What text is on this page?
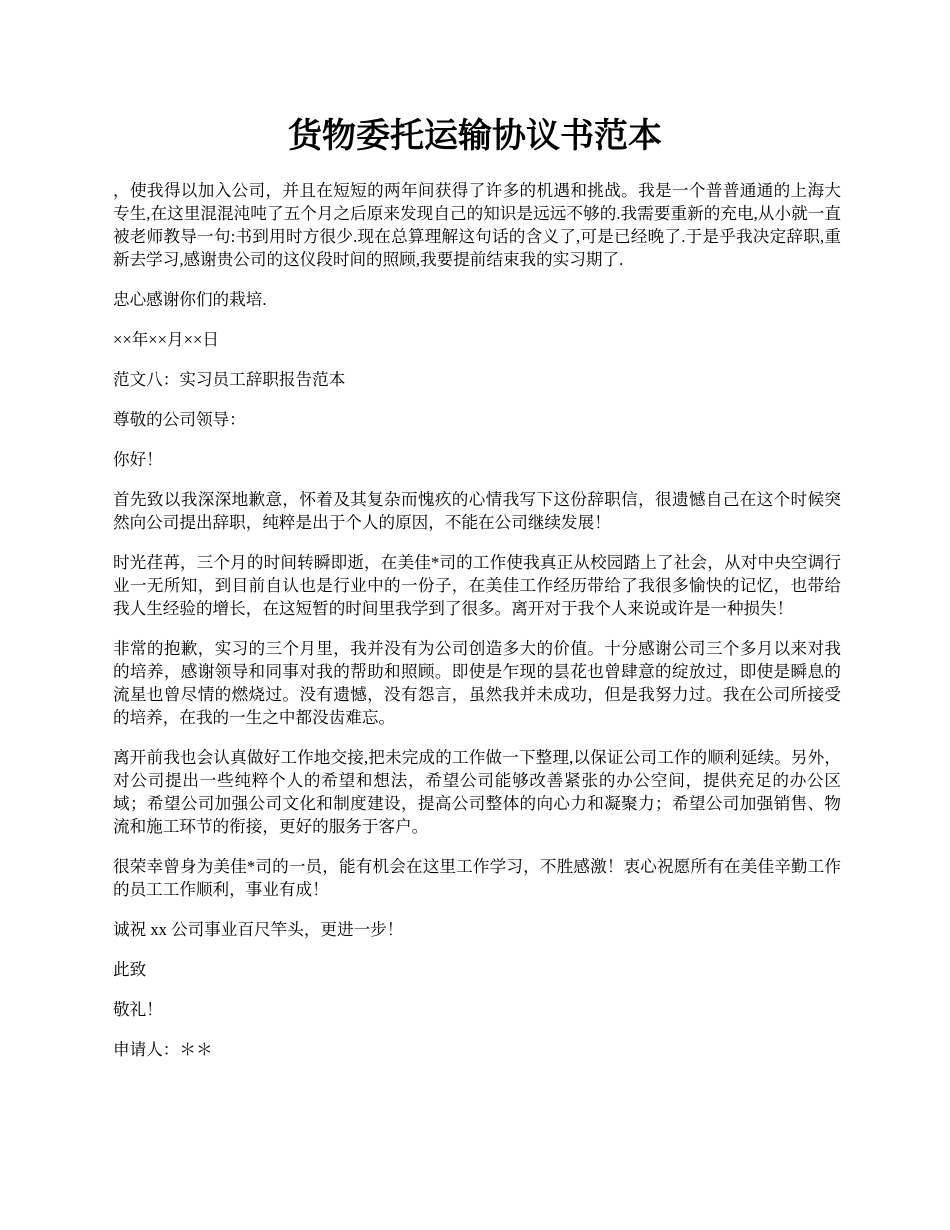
货物委托运输协议书范本

，使我得以加入公司，并且在短短的两年间获得了许多的机遇和挑战。我是一个普普通通的上海大专生,在这里混混沌吨了五个月之后原来发现自己的知识是远远不够的.我需要重新的充电,从小就一直被老师教导一句:书到用时方很少.现在总算理解这句话的含义了,可是已经晚了.于是乎我决定辞职,重新去学习,感谢贵公司的这仪段时间的照顾,我要提前结束我的实习期了.

忠心感谢你们的栽培.

××年××月××日

范文八：实习员工辞职报告范本

尊敬的公司领导：

你好！

首先致以我深深地歉意，怀着及其复杂而愧疚的心情我写下这份辞职信，很遗憾自己在这个时候突然向公司提出辞职，纯粹是出于个人的原因，不能在公司继续发展！

时光荏苒，三个月的时间转瞬即逝，在美佳*司的工作使我真正从校园踏上了社会，从对中央空调行业一无所知，到目前自认也是行业中的一份子，在美佳工作经历带给了我很多愉快的记忆，也带给我人生经验的增长，在这短暂的时间里我学到了很多。离开对于我个人来说或许是一种损失！

非常的抱歉，实习的三个月里，我并没有为公司创造多大的价值。十分感谢公司三个多月以来对我的培养，感谢领导和同事对我的帮助和照顾。即使是乍现的昙花也曾肆意的绽放过，即使是瞬息的流星也曾尽情的燃烧过。没有遗憾，没有怨言，虽然我并未成功，但是我努力过。我在公司所接受的培养，在我的一生之中都没齿难忘。

离开前我也会认真做好工作地交接,把未完成的工作做一下整理,以保证公司工作的顺利延续。另外，对公司提出一些纯粹个人的希望和想法，希望公司能够改善紧张的办公空间，提供充足的办公区域；希望公司加强公司文化和制度建设，提高公司整体的向心力和凝聚力；希望公司加强销售、物流和施工环节的衔接，更好的服务于客户。

很荣幸曾身为美佳*司的一员，能有机会在这里工作学习，不胜感激！衷心祝愿所有在美佳辛勤工作的员工工作顺利，事业有成！

诚祝 xx 公司事业百尺竿头，更进一步！

此致

敬礼！

申请人：＊＊
